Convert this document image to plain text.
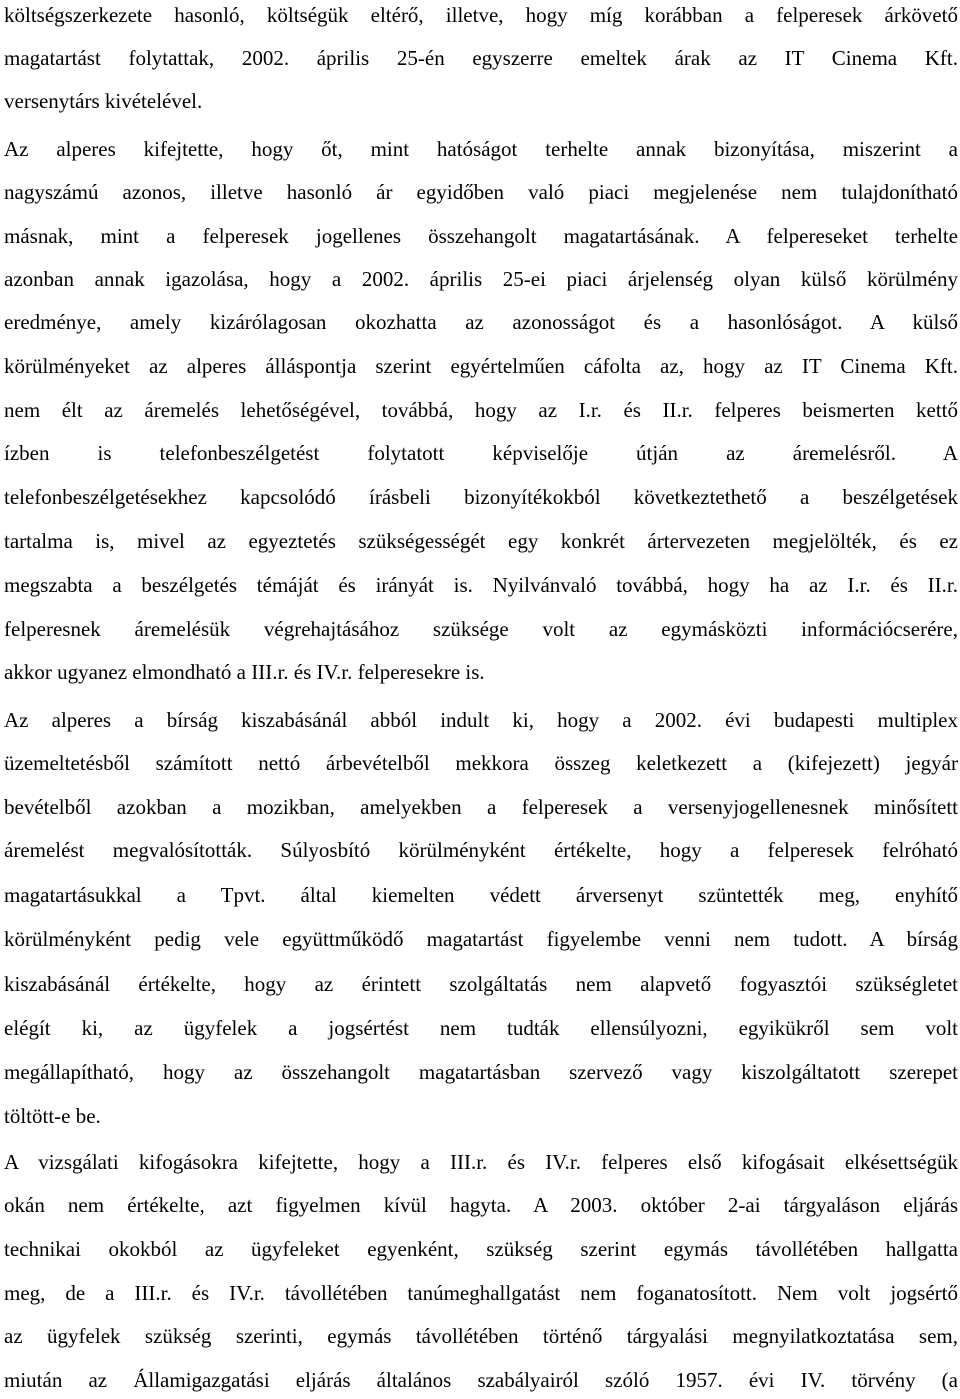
költségszerkezete hasonló, költségük eltérő, illetve, hogy míg korábban a felperesek árkövető
magatartást folytattak, 2002. április 25-én egyszerre emeltek árak az IT Cinema Kft.
versenytárs kivételével.
Az alperes kifejtette, hogy őt, mint hatóságot terhelte annak bizonyítása, miszerint a
nagyszámú azonos, illetve hasonló ár egyidőben való piaci megjelenése nem tulajdonítható
másnak, mint a felperesek jogellenes összehangolt magatartásának. A felpereseket terhelte
azonban annak igazolása, hogy a 2002. április 25-ei piaci árjelenség olyan külső körülmény
eredménye, amely kizárólagosan okozhatta az azonosságot és a hasonlóságot. A külső
körülményeket az alperes álláspontja szerint egyértelműen cáfolta az, hogy az IT Cinema Kft.
nem élt az áremelés lehetőségével, továbbá, hogy az I.r. és II.r. felperes beismerten kettő
ízben is telefonbeszélgetést folytatott képviselője útján az áremelésről. A
telefonbeszélgetésekhez kapcsolódó írásbeli bizonyítékokból következtethető a beszélgetések
tartalma is, mivel az egyeztetés szükségességét egy konkrét ártervezeten megjelölték, és ez
megszabta a beszélgetés témáját és irányát is. Nyilvánvaló továbbá, hogy ha az I.r. és II.r.
felperesnek áremelésük végrehajtásához szüksége volt az egymásközti információcserére,
akkor ugyanez elmondható a III.r. és IV.r. felperesekre is.
Az alperes a bírság kiszabásánál abból indult ki, hogy a 2002. évi budapesti multiplex
üzemeltetésből számított nettó árbevételből mekkora összeg keletkezett a (kifejezett) jegyár
bevételből azokban a mozikban, amelyekben a felperesek a versenyjogellenesnek minősített
áremelést megvalósították. Súlyosbító körülményként értékelte, hogy a felperesek felróható
magatartásukkal a Tpvt. által kiemelten védett árversenyt szüntették meg, enyhítő
körülményként pedig vele együttműködő magatartást figyelembe venni nem tudott. A bírság
kiszabásánál értékelte, hogy az érintett szolgáltatás nem alapvető fogyasztói szükségletet
elégít ki, az ügyfelek a jogsértést nem tudták ellensúlyozni, egyikükről sem volt
megállapítható, hogy az összehangolt magatartásban szervező vagy kiszolgáltatott szerepet
töltött-e be.
A vizsgálati kifogásokra kifejtette, hogy a III.r. és IV.r. felperes első kifogásait elkésettségük
okán nem értékelte, azt figyelmen kívül hagyta. A 2003. október 2-ai tárgyaláson eljárás
technikai okokból az ügyfeleket egyenként, szükség szerint egymás távollétében hallgatta
meg, de a III.r. és IV.r. távollétében tanúmeghallgatást nem foganatosított. Nem volt jogsértő
az ügyfelek szükség szerinti, egymás távollétében történő tárgyalási megnyilatkoztatása sem,
miután az Államigazgatási eljárás általános szabályairól szóló 1957. évi IV. törvény (a
